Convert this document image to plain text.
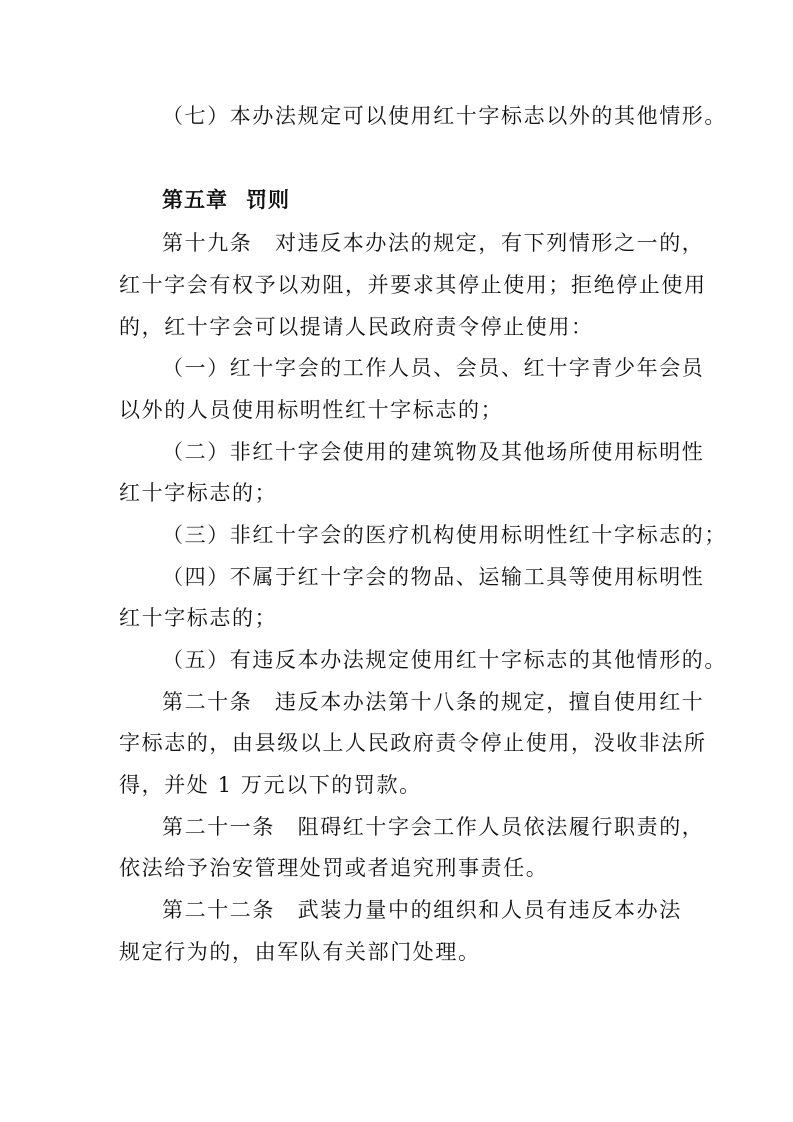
（七）本办法规定可以使用红十字标志以外的其他情形。
第五章 罚则
第十九条　对违反本办法的规定，有下列情形之一的，
红十字会有权予以劝阻，并要求其停止使用；拒绝停止使用
的，红十字会可以提请人民政府责令停止使用：
（一）红十字会的工作人员、会员、红十字青少年会员
以外的人员使用标明性红十字标志的；
（二）非红十字会使用的建筑物及其他场所使用标明性
红十字标志的；
（三）非红十字会的医疗机构使用标明性红十字标志的；
（四）不属于红十字会的物品、运输工具等使用标明性
红十字标志的；
（五）有违反本办法规定使用红十字标志的其他情形的。
第二十条　违反本办法第十八条的规定，擅自使用红十
字标志的，由县级以上人民政府责令停止使用，没收非法所
得，并处 1 万元以下的罚款。
第二十一条　阻碍红十字会工作人员依法履行职责的，
依法给予治安管理处罚或者追究刑事责任。
第二十二条　武装力量中的组织和人员有违反本办法
规定行为的，由军队有关部门处理。
